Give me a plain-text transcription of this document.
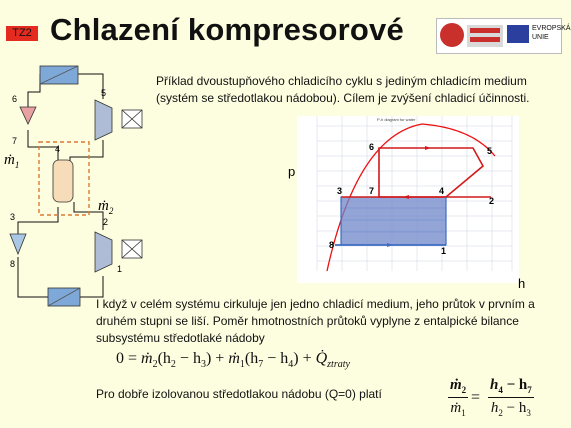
TZ2 Chlazení kompresorové	EVROPSKÁ UNIE
Příklad dvoustupňového chladicího cyklu s jediným chladicím medium (systém se středotlakou nádobou). Cílem je zvýšení chladicí účinnosti.
6
5
7
4
3	2
8	1
ṁ$_1$
ṁ$_2$
P-h diagram for water
6	5
3	7	4
2
8
1
p
h
I když v celém systému cirkuluje jen jedno chladicí medium, jeho průtok v prvním a druhém stupni se liší. Poměr hmotnostních průtoků vyplyne z entalpické bilance subsystému středotlaké nádoby
$0 = ṁ_2(h_2 - h_3)$ + $ṁ_1(h_7 - h_4)$ + $Q̇_{ztraty}$
Pro dobře izolovanou středotlakou nádobu (Q=0) platí	$\frac{ṁ_2}{ṁ_1} = \frac{h_4 - h_7}{h_2 - h_3}$
